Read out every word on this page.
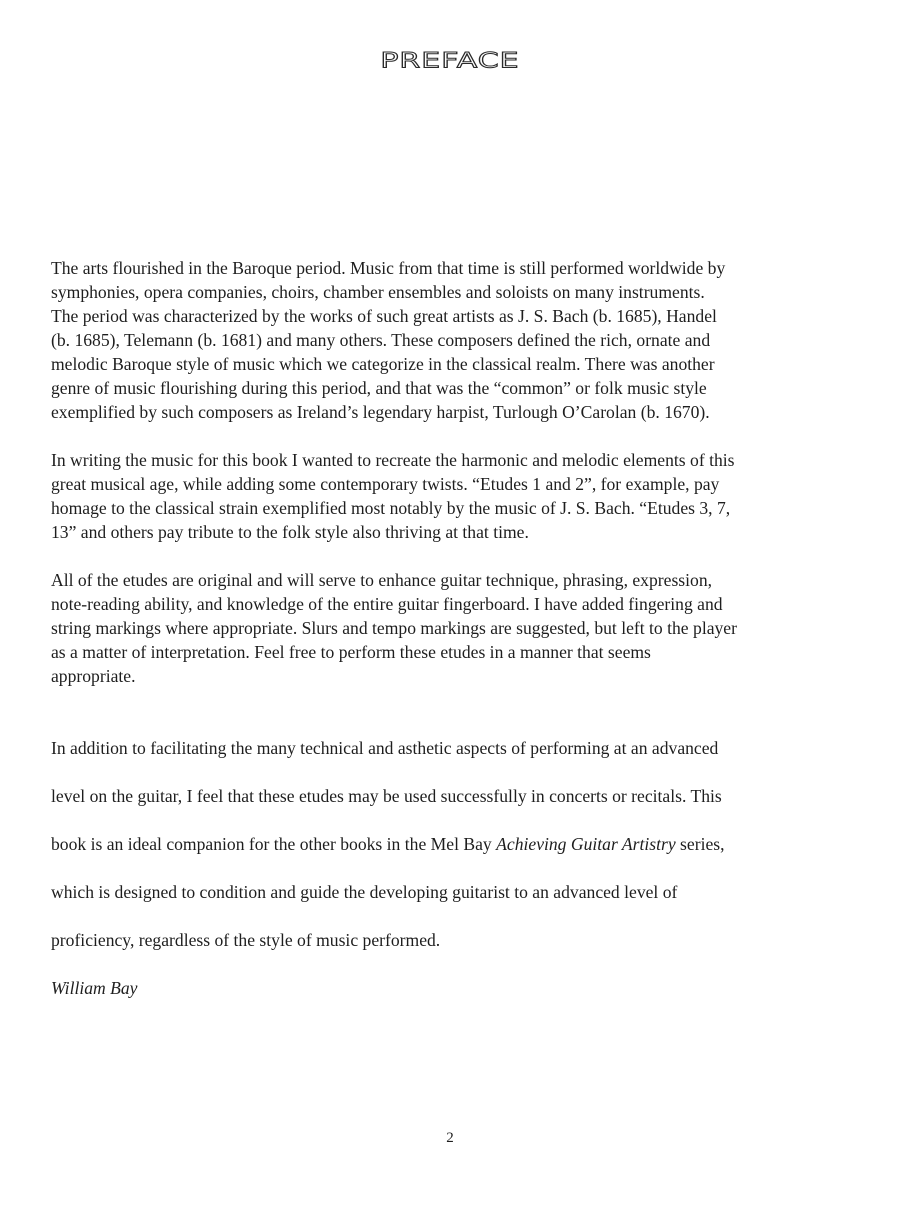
PREFACE

The arts flourished in the Baroque period. Music from that time is still performed worldwide by
symphonies, opera companies, choirs, chamber ensembles and soloists on many instruments.
The period was characterized by the works of such great artists as J. S. Bach (b. 1685), Handel
(b. 1685), Telemann (b. 1681) and many others. These composers defined the rich, ornate and
melodic Baroque style of music which we categorize in the classical realm. There was another
genre of music flourishing during this period, and that was the “common” or folk music style
exemplified by such composers as Ireland’s legendary harpist, Turlough O’Carolan (b. 1670).

In writing the music for this book I wanted to recreate the harmonic and melodic elements of this
great musical age, while adding some contemporary twists. “Etudes 1 and 2”, for example, pay
homage to the classical strain exemplified most notably by the music of J. S. Bach. “Etudes 3, 7,
13” and others pay tribute to the folk style also thriving at that time.

All of the etudes are original and will serve to enhance guitar technique, phrasing, expression,
note-reading ability, and knowledge of the entire guitar fingerboard. I have added fingering and
string markings where appropriate. Slurs and tempo markings are suggested, but left to the player
as a matter of interpretation. Feel free to perform these etudes in a manner that seems
appropriate.

In addition to facilitating the many technical and asthetic aspects of performing at an advanced

level on the guitar, I feel that these etudes may be used successfully in concerts or recitals. This

book is an ideal companion for the other books in the Mel Bay Achieving Guitar Artistry series,

which is designed to condition and guide the developing guitarist to an advanced level of

proficiency, regardless of the style of music performed.

William Bay

2
